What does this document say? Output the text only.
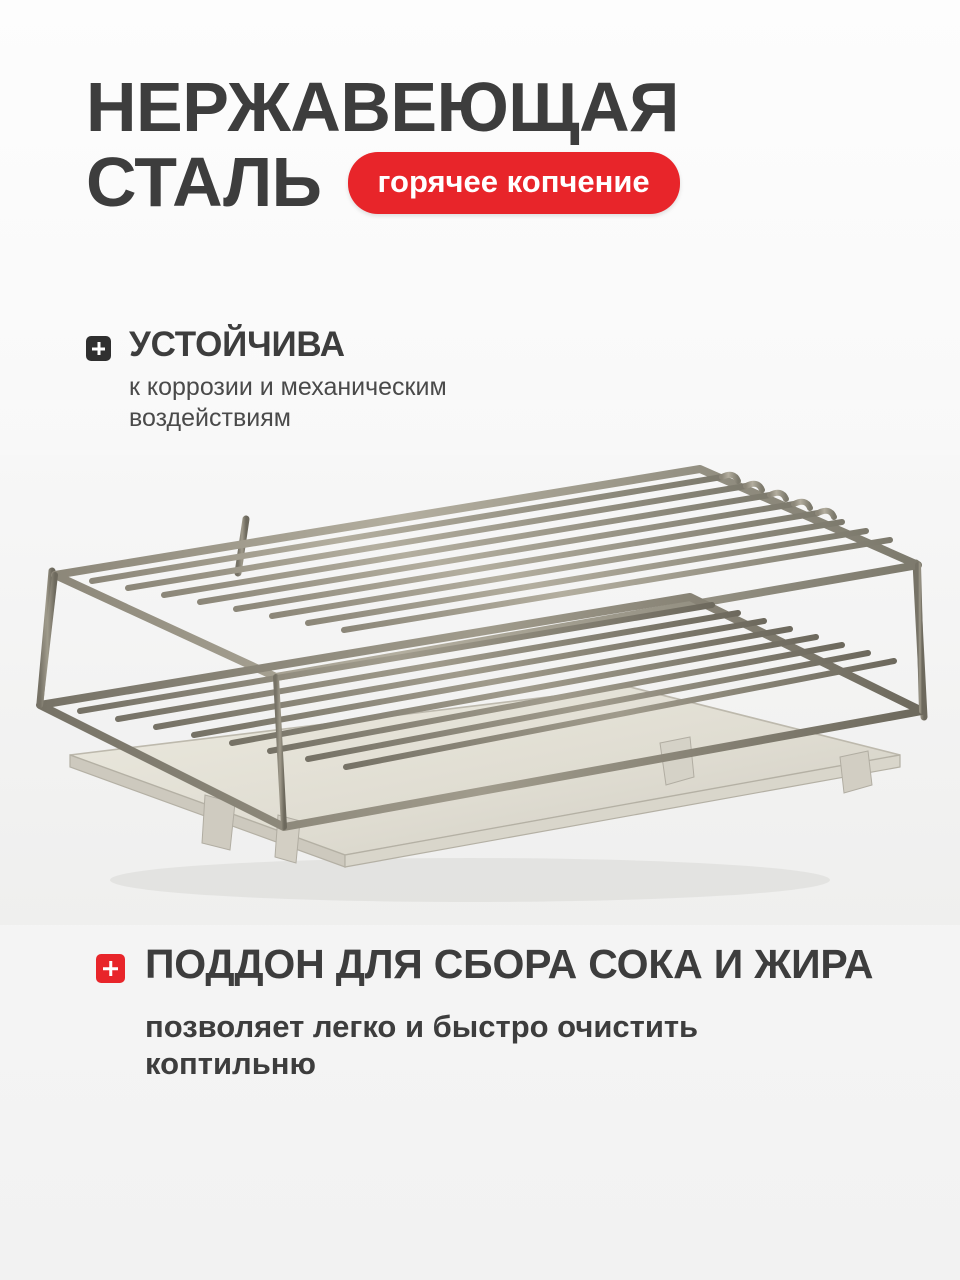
НЕРЖАВЕЮЩАЯ
СТАЛЬ	горячее копчение
УСТОЙЧИВА
к коррозии и механическим воздействиям
ПОДДОН ДЛЯ СБОРА СОКА И ЖИРА
позволяет легко и быстро очистить коптильню
